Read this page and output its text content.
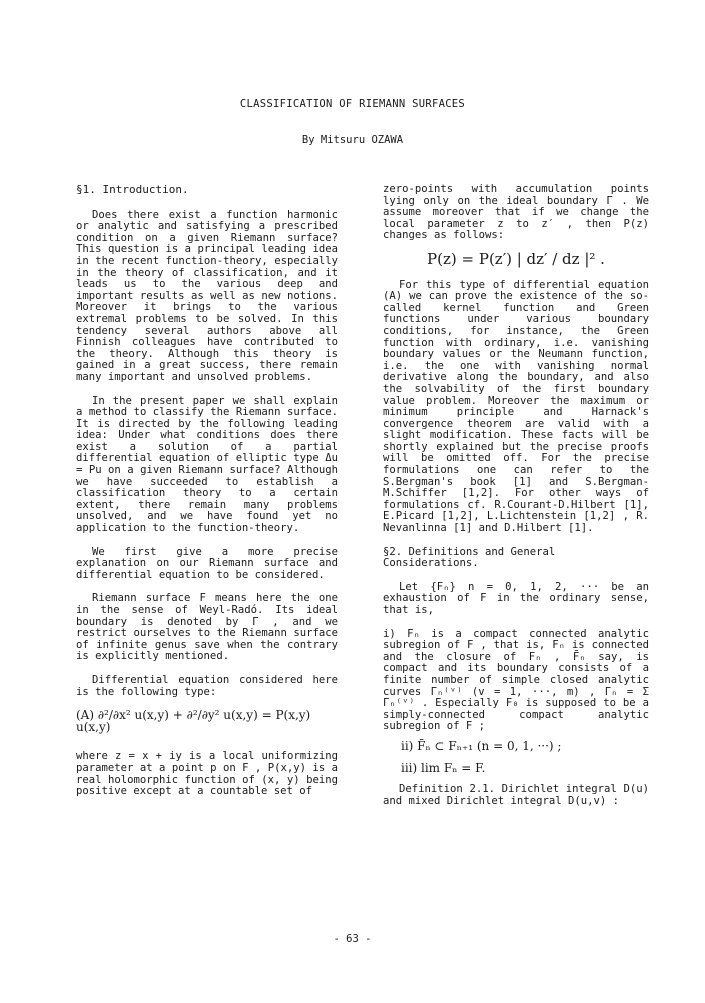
CLASSIFICATION OF RIEMANN SURFACES
By Mitsuru OZAWA
§1. Introduction.

Does there exist a function harmonic or analytic and satisfying a prescribed condition on a given Riemann surface? This question is a principal leading idea in the recent function-theory, especially in the theory of classification, and it leads us to the various deep and important results as well as new notions. Moreover it brings to the various extremal problems to be solved. In this tendency several authors above all Finnish colleagues have contributed to the theory. Although this theory is gained in a great success, there remain many important and unsolved problems.

In the present paper we shall explain a method to classify the Riemann surface. It is directed by the following leading idea: Under what conditions does there exist a solution of a partial differential equation of elliptic type Δu = Pu on a given Riemann surface? Although we have succeeded to establish a classification theory to a certain extent, there remain many problems unsolved, and we have found yet no application to the function-theory.

We first give a more precise explanation on our Riemann surface and differential equation to be considered.

Riemann surface F means here the one in the sense of Weyl-Radó. Its ideal boundary is denoted by Γ , and we restrict ourselves to the Riemann surface of infinite genus save when the contrary is explicitly mentioned.

Differential equation considered here is the following type:

(A) ∂²/∂x² u(x,y) + ∂²/∂y² u(x,y) = P(x,y) u(x,y)

where z = x + iy is a local uniformizing parameter at a point p on F , P(x,y) is a real holomorphic function of (x, y) being positive except at a countable set of

zero-points with accumulation points lying only on the ideal boundary Γ . We assume moreover that if we change the local parameter z to z′ , then P(z) changes as follows:

P(z) = P(z′) | dz′ / dz |² .

For this type of differential equation (A) we can prove the existence of the so-called kernel function and Green functions under various boundary conditions, for instance, the Green function with ordinary, i.e. vanishing boundary values or the Neumann function, i.e. the one with vanishing normal derivative along the boundary, and also the solvability of the first boundary value problem. Moreover the maximum or minimum principle and Harnack's convergence theorem are valid with a slight modification. These facts will be shortly explained but the precise proofs will be omitted off. For the precise formulations one can refer to the S.Bergman's book [1] and S.Bergman-M.Schiffer [1,2]. For other ways of formulations cf. R.Courant-D.Hilbert [1], E.Picard [1,2], L.Lichtenstein [1,2] , R. Nevanlinna [1] and D.Hilbert [1].

§2. Definitions and General Considerations.

Let {Fₙ} n = 0, 1, 2, ··· be an exhaustion of F in the ordinary sense, that is,

i) Fₙ is a compact connected analytic subregion of F , that is, Fₙ is connected and the closure of Fₙ , F̄ₙ say, is compact and its boundary consists of a finite number of simple closed analytic curves Γₙ⁽ᵛ⁾ (v = 1, ···, m) , Γₙ = Σ Γₙ⁽ᵛ⁾ . Especially F₀ is supposed to be a simply-connected compact analytic subregion of F ;
ii) F̄ₙ ⊂ Fₙ₊₁ (n = 0, 1, ···) ;
iii) lim Fₙ = F.

Definition 2.1. Dirichlet integral D(u) and mixed Dirichlet integral D(u,v) :

- 63 -
